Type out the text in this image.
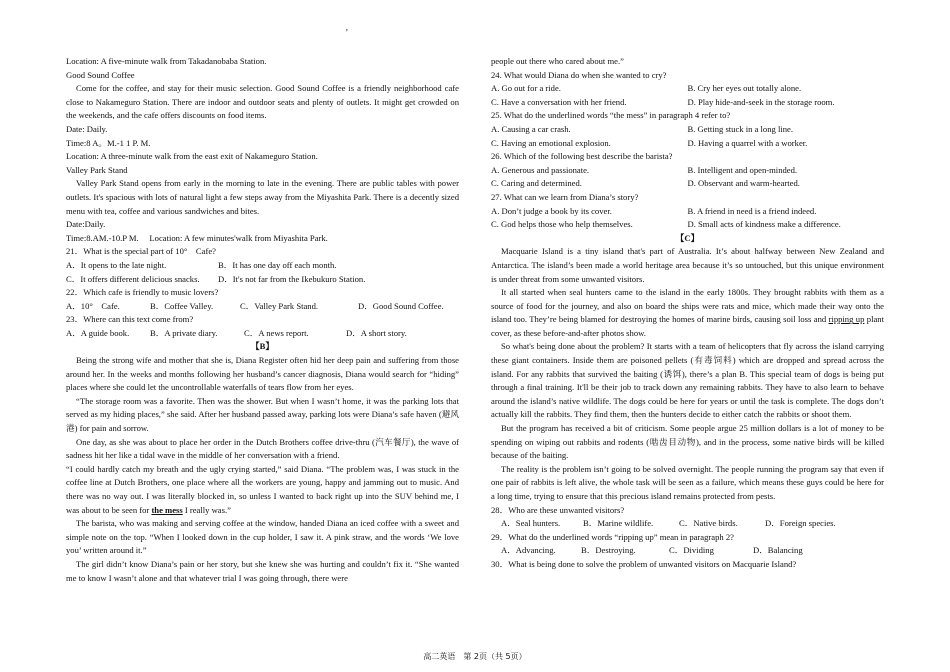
'
Location: A five-minute walk from Takadanobaba Station.
Good Sound Coffee

Come for the coffee, and stay for their music selection. Good Sound Coffee is a friendly neighborhood cafe close to Nakameguro Station. There are indoor and outdoor seats and plenty of outlets. It might get crowded on the weekends, and the cafe offers discounts on food items.

Date: Daily.
Time:8 A。M.-1 1 P. M.
Location: A three-minute walk from the east exit of Nakameguro Station.
Valley Park Stand

Valley Park Stand opens from early in the morning to late in the evening. There are public tables with power outlets. It's spacious with lots of natural light a few steps away from the Miyashita Park. There is a decently sized menu with tea, coffee and various sandwiches and bites.

Date:Daily.
Time:8.AM.-10.P M.　 Location: A few minutes'walk from Miyashita Park.
21．What is the special part of 10°　Cafe?
A．It opens to the late night.	B．It has one day off each month.
C．It offers different delicious snacks.	D．It's not far from the Ikebukuro Station.
22．Which cafe is friendly to music lovers?
A．10°　Cafe.	B．Coffee Valley.	C．Valley Park Stand.	D．Good Sound Coffee.
23．Where can this text come from?
A．A guide book.	B．A private diary.	C．A news report.	D．A short story.
【B】

Being the strong wife and mother that she is, Diana Register often hid her deep pain and suffering from those around her. In the weeks and months following her husband’s cancer diagnosis, Diana would search for “hiding” places where she could let the uncontrollable waterfalls of tears flow from her eyes.

“The storage room was a favorite. Then was the shower. But when I wasn’t home, it was the parking lots that served as my hiding places,” she said. After her husband passed away, parking lots were Diana’s safe haven (避风港) for pain and sorrow.

One day, as she was about to place her order in the Dutch Brothers coffee drive-thru (汽车餐厅), the wave of sadness hit her like a tidal wave in the middle of her conversation with a friend.

“I could hardly catch my breath and the ugly crying started,” said Diana. “The problem was, I was stuck in the coffee line at Dutch Brothers, one place where all the workers are young, happy and jamming out to music. And there was no way out. I was literally blocked in, so unless I wanted to back right up into the SUV behind me, I was about to be seen for the mess I really was.”

The barista, who was making and serving coffee at the window, handed Diana an iced coffee with a sweet and simple note on the top. “When I looked down in the cup holder, I saw it. A pink straw, and the words ‘We love you’ written around it.”

The girl didn’t know Diana’s pain or her story, but she knew she was hurting and couldn’t fix it. “She wanted me to know I wasn’t alone and that whatever trial I was going through, there were

people out there who cared about me.”
24. What would Diana do when she wanted to cry?
A. Go out for a ride.	B. Cry her eyes out totally alone.
C. Have a conversation with her friend.	D. Play hide-and-seek in the storage room.
25. What do the underlined words “the mess” in paragraph 4 refer to?
A. Causing a car crash.	B. Getting stuck in a long line.
C. Having an emotional explosion.	D. Having a quarrel with a worker.
26. Which of the following best describe the barista?
A. Generous and passionate.	B. Intelligent and open-minded.
C. Caring and determined.	D. Observant and warm-hearted.
27. What can we learn from Diana’s story?
A. Don’t judge a book by its cover.	B. A friend in need is a friend indeed.
C. God helps those who help themselves.	D. Small acts of kindness make a difference.
【C】

Macquarie Island is a tiny island that's part of Australia. It’s about halfway between New Zealand and Antarctica. The island’s been made a world heritage area because it’s so untouched, but this unique environment is under threat from some unwanted visitors.

It all started when seal hunters came to the island in the early 1800s. They brought rabbits with them as a source of food for the journey, and also on board the ships were rats and mice, which made their way onto the island too. They’re being blamed for destroying the homes of marine birds, causing soil loss and ripping up plant cover, as these before-and-after photos show.

So what's being done about the problem? It starts with a team of helicopters that fly across the island carrying these giant containers. Inside them are poisoned pellets (有毒饲料) which are dropped and spread across the island. For any rabbits that survived the baiting (诱饵), there’s a plan B. This special team of dogs is being put through a final training. It'll be their job to track down any remaining rabbits. They have to also learn to behave around the island’s native wildlife. The dogs could be here for years or until the task is complete. The dogs don’t actually kill the rabbits. They find them, then the hunters decide to either catch the rabbits or shoot them.

But the program has received a bit of criticism. Some people argue 25 million dollars is a lot of money to be spending on wiping out rabbits and rodents (啮齿目动物), and in the process, some native birds will be killed because of the baiting.

The reality is the problem isn’t going to be solved overnight. The people running the program say that even if one pair of rabbits is left alive, the whole task will be seen as a failure, which means these guys could be here for a long time, trying to ensure that this precious island remains protected from pests.

28．Who are these unwanted visitors?
A．Seal hunters.	B．Marine wildlife.	C．Native birds.	D．Foreign species.
29．What do the underlined words “ripping up” mean in paragraph 2?
A．Advancing.	B．Destroying.	C．Dividing	D．Balancing
30．What is being done to solve the problem of unwanted visitors on Macquarie Island?
高二英语　第 2页（共 5页）
